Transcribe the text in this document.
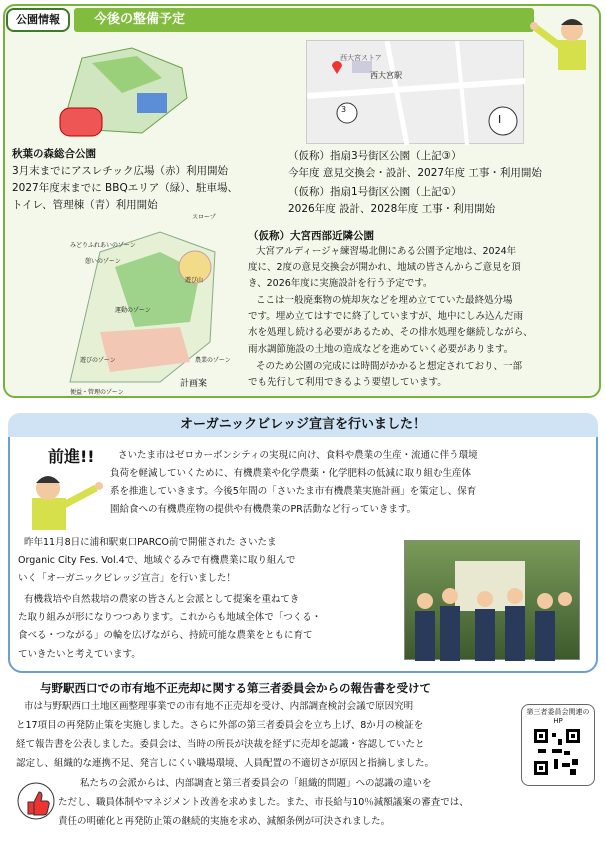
公園情報	今後の整備予定
秋葉の森総合公園
3月末までにアスレチック広場（赤）利用開始
2027年度末までに BBQエリア（緑）、駐車場、
トイレ、管理棟（青）利用開始
西大宮駅
西大宮ストア
3
Ⅰ
（仮称）指扇3号街区公園（上記③）
今年度 意見交換会・設計、2027年度 工事・利用開始
（仮称）指扇1号街区公園（上記①）
2026年度 設計、2028年度 工事・利用開始
スロープ
みどりふれあいのゾーン
憩いのゾーン
遊び山
運動のゾーン
遊びのゾーン	農業のゾーン
便益・管理のゾーン
計画案
（仮称）大宮西部近隣公園
大宮アルディージャ練習場北側にある公園予定地は、2024年
度に、2度の意見交換会が開かれ、地域の皆さんからご意見を頂
き、2026年度に実施設計を行う予定です。
ここは一般廃棄物の焼却灰などを埋め立てていた最終処分場
です。埋め立てはすでに終了していますが、地中にしみ込んだ雨
水を処理し続ける必要があるため、その排水処理を継続しながら、
雨水調節施設の土地の造成などを進めていく必要があります。
そのため公園の完成には時間がかかると想定されており、一部
でも先行して利用できるよう要望しています。
オーガニックビレッジ宣言を行いました！
前進!! さいたま市はゼロカーボンシティの実現に向け、食料や農業の生産・流通に伴う環境
負荷を軽減していくために、有機農業や化学農薬・化学肥料の低減に取り組む生産体
系を推進していきます。今後5年間の「さいたま市有機農業実施計画」を策定し、保育
園給食への有機農産物の提供や有機農業のPR活動など行っていきます。
昨年11月8日に浦和駅東口PARCO前で開催された さいたま
Organic City Fes. Vol.4で、地域ぐるみで有機農業に取り組んで
いく「オーガニックビレッジ宣言」を行いました！
有機栽培や自然栽培の農家の皆さんと会派として提案を重ねてき
た取り組みが形になりつつあります。これからも地域全体で「つくる・
食べる・つながる」の輪を広げながら、持続可能な農業をともに育て
ていきたいと考えています。
与野駅西口での市有地不正売却に関する第三者委員会からの報告書を受けて
市は与野駅西口土地区画整理事業での市有地不正売却を受け、内部調査検討会議で原因究明
と17項目の再発防止策を実施しました。さらに外部の第三者委員会を立ち上げ、8か月の検証を
経て報告書を公表しました。委員会は、当時の所長が決裁を経ずに売却を認識・容認していたと
認定し、組織的な連携不足、発言しにくい職場環境、人員配置の不適切さが原因と指摘しました。
私たちの会派からは、内部調査と第三者委員会の「組織的問題」への認識の違いを
ただし、職員体制やマネジメント改善を求めました。また、市長給与10％減額議案の審査では、
責任の明確化と再発防止策の継続的実施を求め、減額条例が可決されました。
第三者委員会関連のHP
